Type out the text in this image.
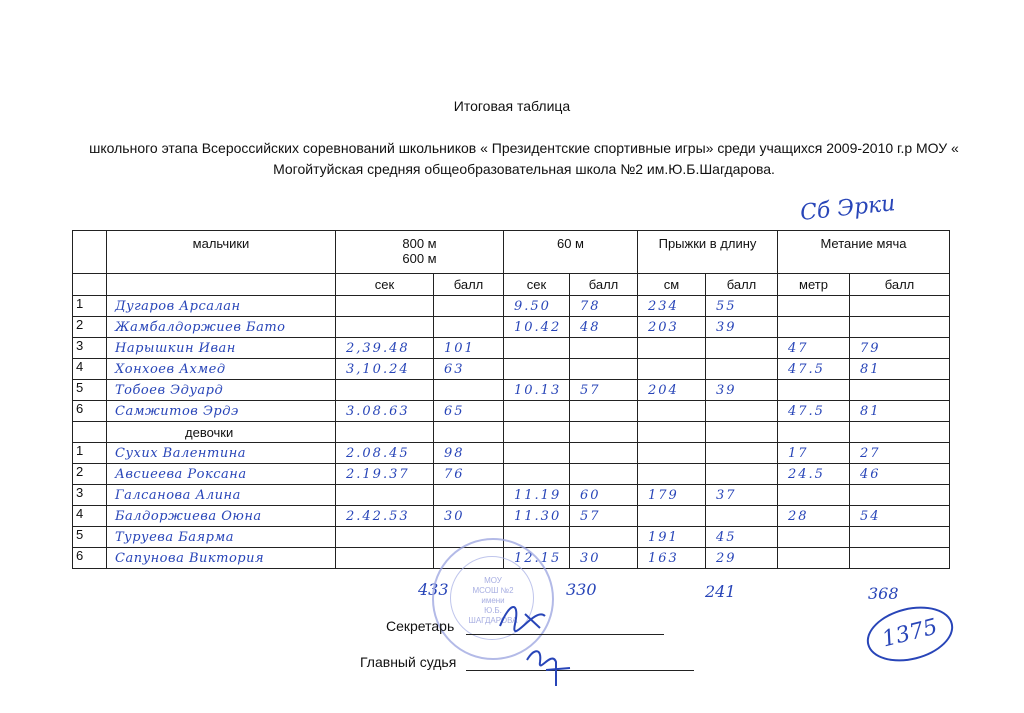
Итоговая таблица
школьного этапа Всероссийских соревнований школьников « Президентские спортивные игры» среди учащихся 2009-2010 г.р МОУ « Могойтуйская средняя общеобразовательная школа №2 им.Ю.Б.Шагдарова.
Сб Эрки
	мальчики	800 м
600 м		60 м		Прыжки в длину		Метание мяча	
		сек	балл	сек	балл	см	балл	метр	балл
1	Дугаров Арсалан			9.50	78	234	55		
2	Жамбалдоржиев Бато			10.42	48	203	39		
3	Нарышкин Иван	2,39.48	101					47	79
4	Хонхоев Ахмед	3,10.24	63					47.5	81
5	Тобоев Эдуард			10.13	57	204	39		
6	Самжитов Эрдэ	3.08.63	65					47.5	81
	девочки								
1	Сухих Валентина	2.08.45	98					17	27
2	Авсиеева Роксана	2.19.37	76					24.5	46
3	Галсанова Алина			11.19	60	179	37		
4	Балдоржиева Оюна	2.42.53	30	11.30	57			28	54
5	Туруева Баярма					191	45		
6	Сапунова Виктория			12.15	30	163	29		
433	330	241	368
1375
МОУ
МСОШ №2
имени
Ю.Б.
ШАГДАРОВА
Секретарь
Главный судья
